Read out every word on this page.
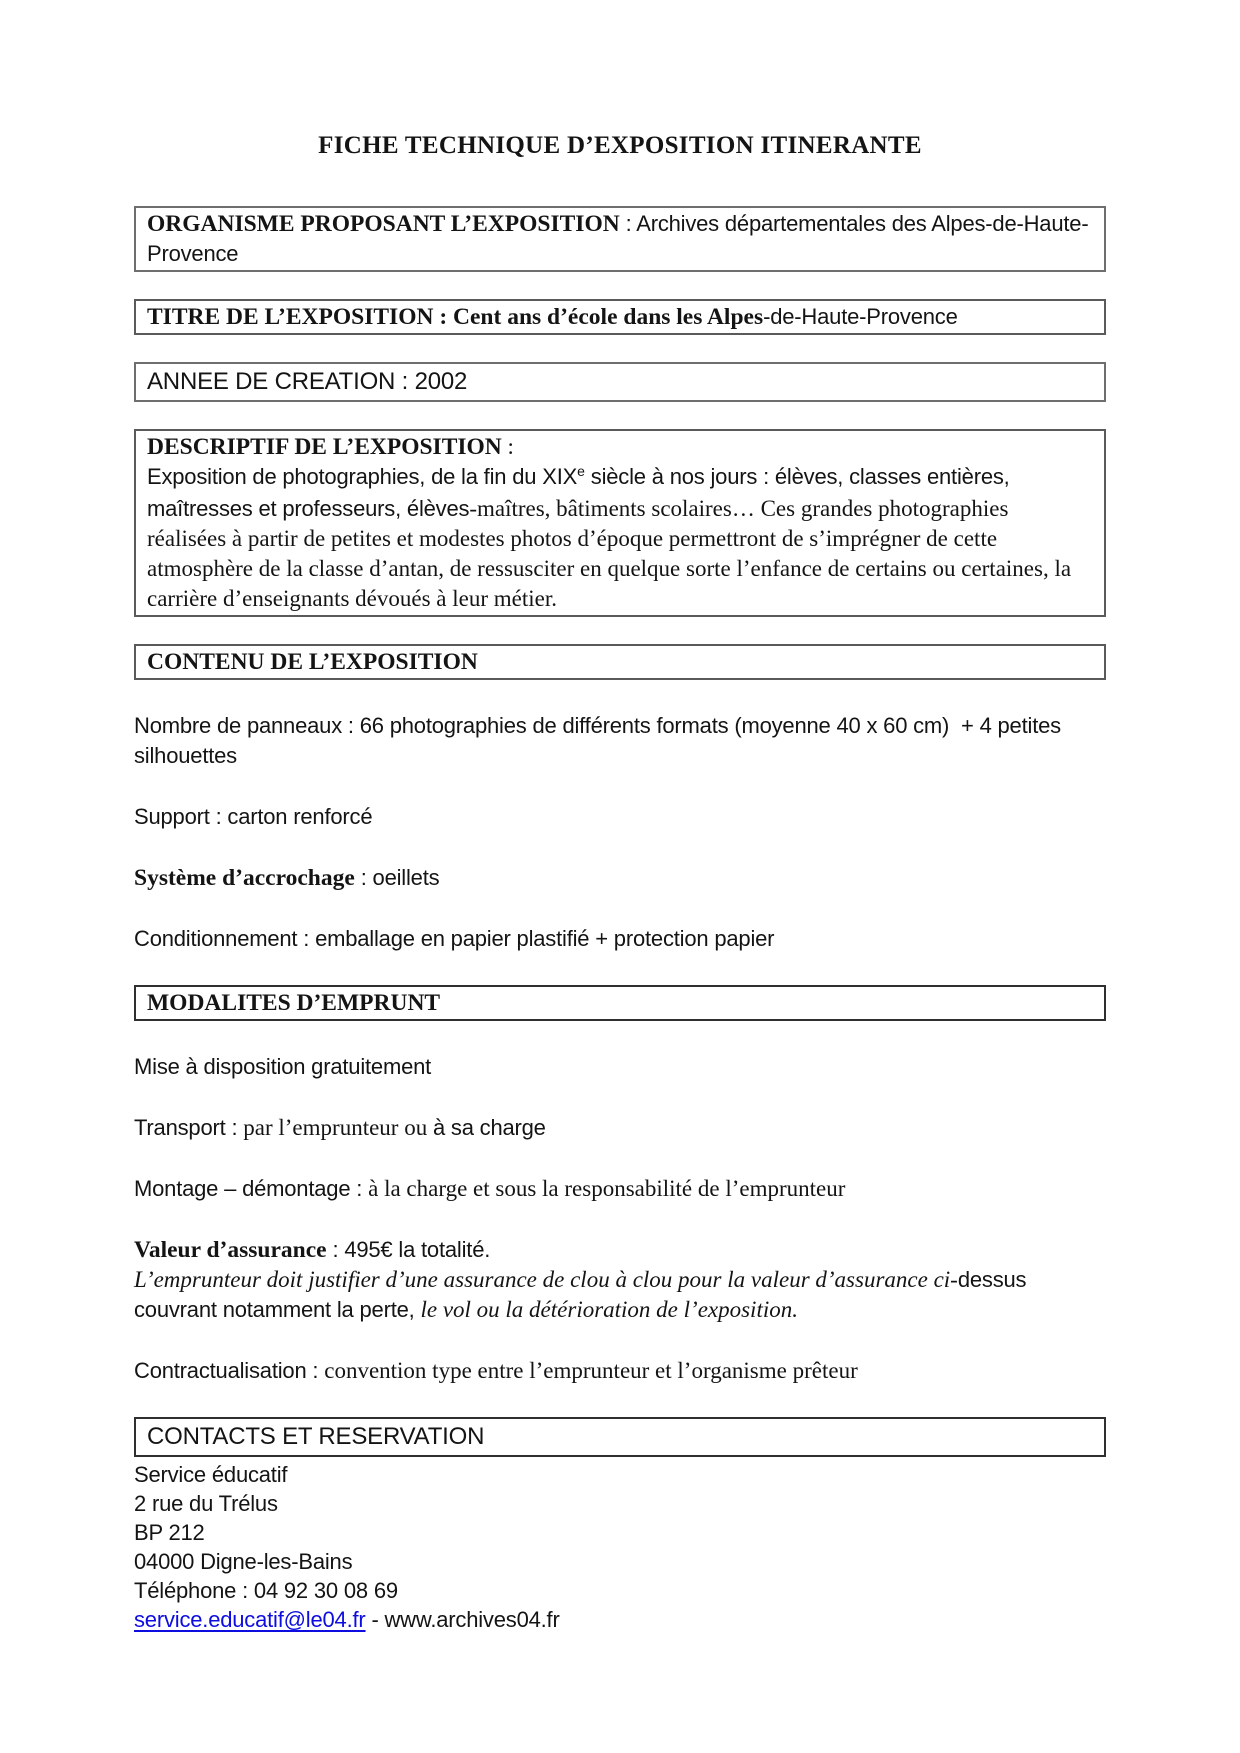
FICHE TECHNIQUE D’EXPOSITION ITINERANTE
ORGANISME PROPOSANT L’EXPOSITION : Archives départementales des Alpes-de-Haute-Provence
TITRE DE L’EXPOSITION : Cent ans d’école dans les Alpes-de-Haute-Provence
ANNEE DE CREATION : 2002
DESCRIPTIF DE L’EXPOSITION :
Exposition de photographies, de la fin du XIXe siècle à nos jours : élèves, classes entières, maîtresses et professeurs, élèves-maîtres, bâtiments scolaires… Ces grandes photographies réalisées à partir de petites et modestes photos d’époque permettront de s’imprégner de cette atmosphère de la classe d’antan, de ressusciter en quelque sorte l’enfance de certains ou certaines, la carrière d’enseignants dévoués à leur métier.
CONTENU DE L’EXPOSITION
Nombre de panneaux : 66 photographies de différents formats (moyenne 40 x 60 cm)  + 4 petites silhouettes
Support : carton renforcé
Système d’accrochage : oeillets
Conditionnement : emballage en papier plastifié + protection papier
MODALITES D’EMPRUNT
Mise à disposition gratuitement
Transport : par l’emprunteur ou à sa charge
Montage – démontage : à la charge et sous la responsabilité de l’emprunteur
Valeur d’assurance : 495€ la totalité.
L’emprunteur doit justifier d’une assurance de clou à clou pour la valeur d’assurance ci-dessus couvrant notamment la perte, le vol ou la détérioration de l’exposition.
Contractualisation : convention type entre l’emprunteur et l’organisme prêteur
CONTACTS ET RESERVATION
Service éducatif
2 rue du Trélus
BP 212
04000 Digne-les-Bains
Téléphone : 04 92 30 08 69
service.educatif@le04.fr - www.archives04.fr
